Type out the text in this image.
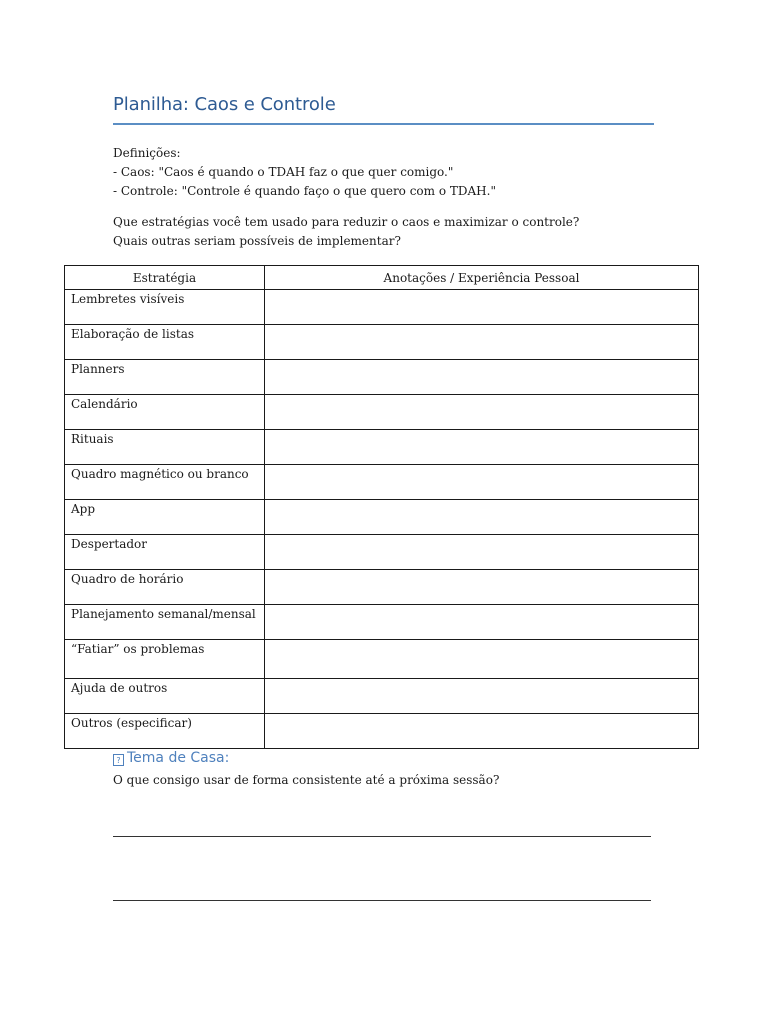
Planilha: Caos e Controle
Definições:
- Caos: "Caos é quando o TDAH faz o que quer comigo."
- Controle: "Controle é quando faço o que quero com o TDAH."
Que estratégias você tem usado para reduzir o caos e maximizar o controle?
Quais outras seriam possíveis de implementar?
Estratégia	Anotações / Experiência Pessoal
Lembretes visíveis	
Elaboração de listas	
Planners	
Calendário	
Rituais	
Quadro magnético ou branco	
App	
Despertador	
Quadro de horário	
Planejamento semanal/mensal	
“Fatiar” os problemas	
Ajuda de outros	
Outros (especificar)	
? Tema de Casa:
O que consigo usar de forma consistente até a próxima sessão?
